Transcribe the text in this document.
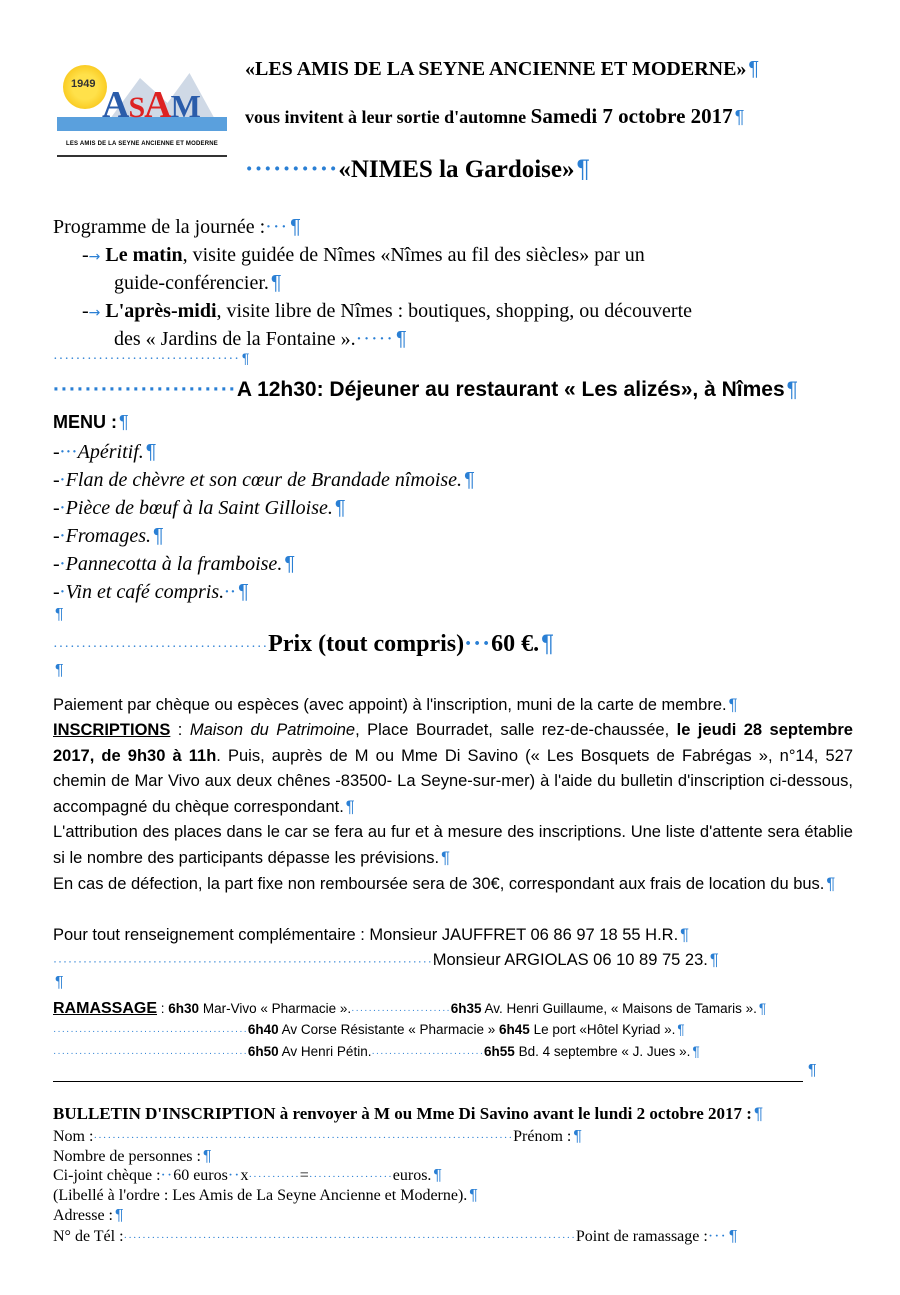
1949 ASAM
LES AMIS DE LA SEYNE ANCIENNE ET MODERNE
«LES AMIS DE LA SEYNE ANCIENNE ET MODERNE» ¶
vous invitent à leur sortie d'automne Samedi 7 octobre 2017 ¶
··········«NIMES la Gardoise»¶
Programme de la journée :··· ¶
-→ Le matin, visite guidée de Nîmes «Nîmes au fil des siècles» par un
guide-conférencier. ¶
-→ L'après-midi, visite libre de Nîmes : boutiques, shopping, ou découverte
des « Jardins de la Fontaine ».····· ¶
································· ¶
·······················A 12h30: Déjeuner au restaurant « Les alizés», à Nîmes¶
MENU : ¶
-···Apéritif. ¶
-·Flan de chèvre et son cœur de Brandade nîmoise. ¶
-·Pièce de bœuf à la Saint Gilloise. ¶
-·Fromages. ¶
-·Pannecotta à la framboise. ¶
-·Vin et café compris.·· ¶
¶
······································Prix (tout compris)···60 €.¶
¶
Paiement par chèque ou espèces (avec appoint) à l'inscription, muni de la carte de membre. ¶
INSCRIPTIONS : Maison du Patrimoine, Place Bourradet, salle rez-de-chaussée, le jeudi 28 septembre 2017, de 9h30 à 11h. Puis, auprès de M ou Mme Di Savino (« Les Bosquets de Fabrégas », n°14, 527 chemin de Mar Vivo aux deux chênes -83500- La Seyne-sur-mer) à l'aide du bulletin d'inscription ci-dessous, accompagné du chèque correspondant. ¶
L'attribution des places dans le car se fera au fur et à mesure des inscriptions. Une liste d'attente sera établie si le nombre des participants dépasse les prévisions. ¶
En cas de défection, la part fixe non remboursée sera de 30€, correspondant aux frais de location du bus. ¶
Pour tout renseignement complémentaire : Monsieur JAUFFRET 06 86 97 18 55 H.R. ¶
············································································Monsieur ARGIOLAS 06 10 89 75 23. ¶
¶
RAMASSAGE : 6h30 Mar-Vivo « Pharmacie ».·······················6h35 Av. Henri Guillaume, « Maisons de Tamaris ». ¶
·············································6h40 Av Corse Résistante « Pharmacie » 6h45 Le port «Hôtel Kyriad ». ¶
·············································6h50 Av Henri Pétin.··························6h55 Bd. 4 septembre « J. Jues ». ¶
¶
BULLETIN D'INSCRIPTION à renvoyer à M ou Mme Di Savino avant le lundi 2 octobre 2017 : ¶
Nom :··························································································Prénom : ¶
Nombre de personnes : ¶
Ci-joint chèque :··60 euros··x···········=··················euros. ¶
(Libellé à l'ordre : Les Amis de La Seyne Ancienne et Moderne). ¶
Adresse : ¶
N° de Tél :·································································································Point de ramassage :··· ¶
